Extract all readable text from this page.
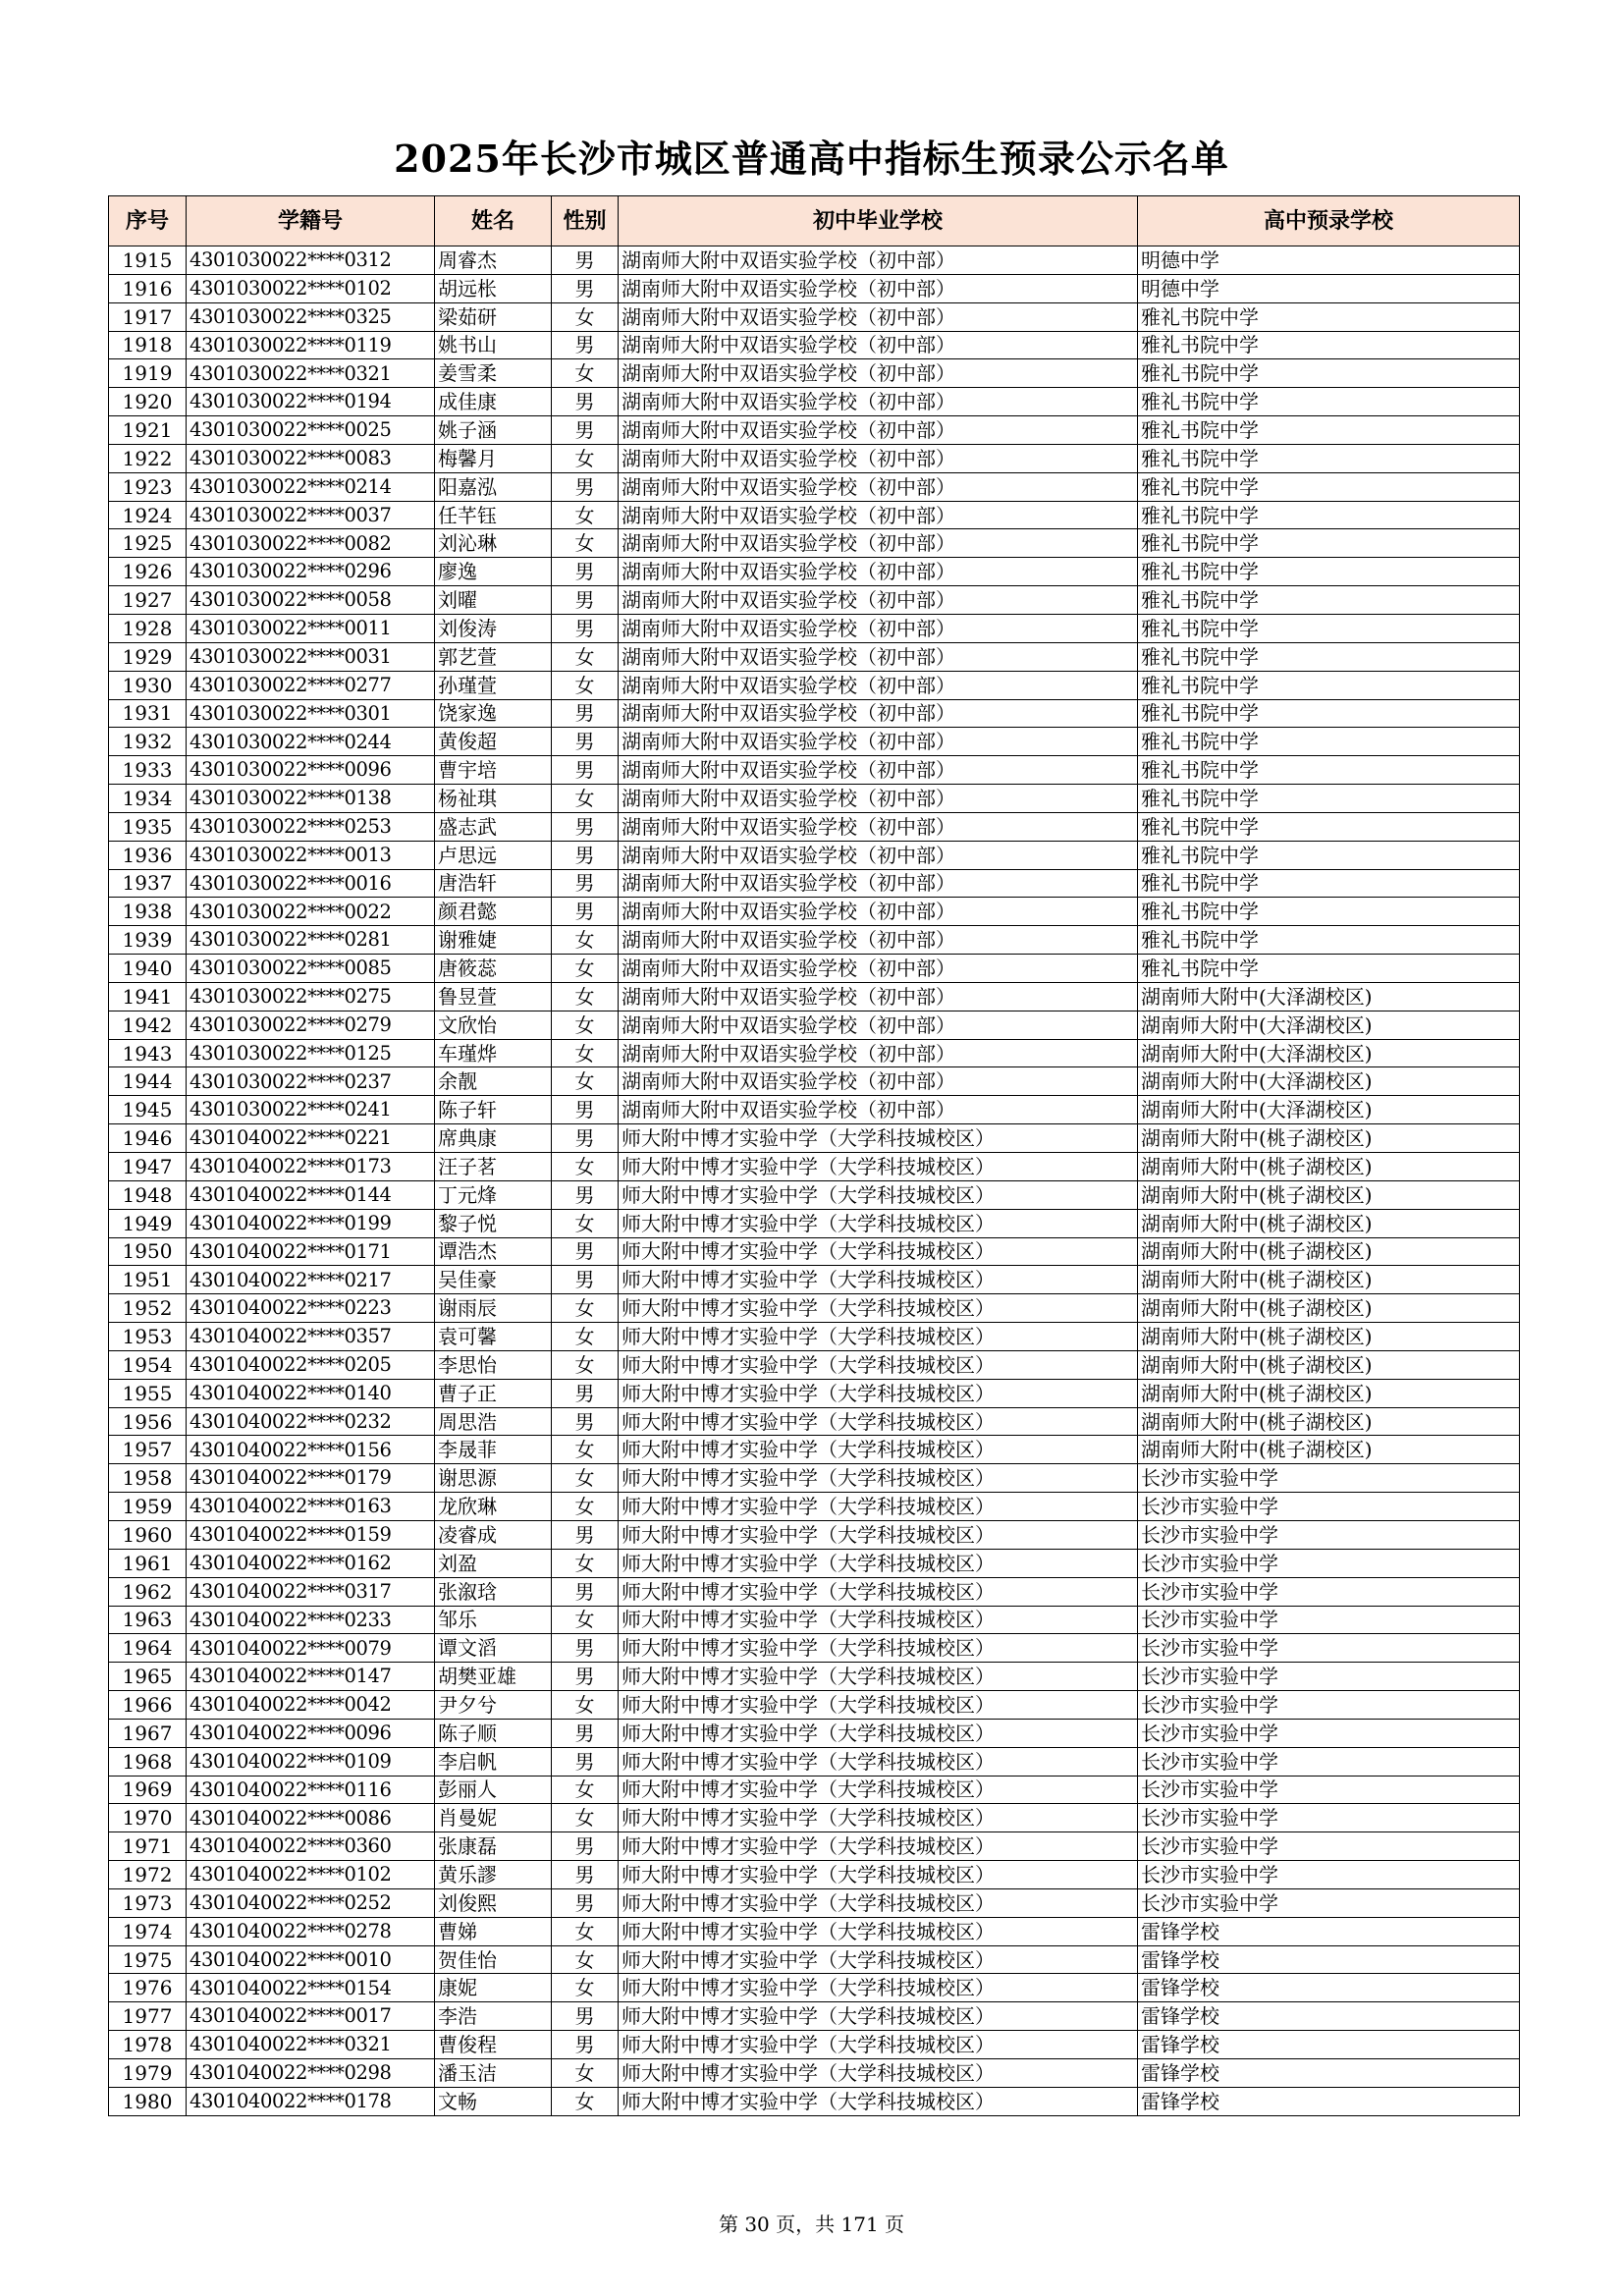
2025年长沙市城区普通高中指标生预录公示名单
序号	学籍号	姓名	性别	初中毕业学校	高中预录学校
1915	4301030022****0312	周睿杰	男	湖南师大附中双语实验学校（初中部）	明德中学
1916	4301030022****0102	胡远枨	男	湖南师大附中双语实验学校（初中部）	明德中学
1917	4301030022****0325	梁茹研	女	湖南师大附中双语实验学校（初中部）	雅礼书院中学
1918	4301030022****0119	姚书山	男	湖南师大附中双语实验学校（初中部）	雅礼书院中学
1919	4301030022****0321	姜雪柔	女	湖南师大附中双语实验学校（初中部）	雅礼书院中学
1920	4301030022****0194	成佳康	男	湖南师大附中双语实验学校（初中部）	雅礼书院中学
1921	4301030022****0025	姚子涵	男	湖南师大附中双语实验学校（初中部）	雅礼书院中学
1922	4301030022****0083	梅馨月	女	湖南师大附中双语实验学校（初中部）	雅礼书院中学
1923	4301030022****0214	阳嘉泓	男	湖南师大附中双语实验学校（初中部）	雅礼书院中学
1924	4301030022****0037	任芊钰	女	湖南师大附中双语实验学校（初中部）	雅礼书院中学
1925	4301030022****0082	刘沁琳	女	湖南师大附中双语实验学校（初中部）	雅礼书院中学
1926	4301030022****0296	廖逸	男	湖南师大附中双语实验学校（初中部）	雅礼书院中学
1927	4301030022****0058	刘曜	男	湖南师大附中双语实验学校（初中部）	雅礼书院中学
1928	4301030022****0011	刘俊涛	男	湖南师大附中双语实验学校（初中部）	雅礼书院中学
1929	4301030022****0031	郭艺萱	女	湖南师大附中双语实验学校（初中部）	雅礼书院中学
1930	4301030022****0277	孙瑾萱	女	湖南师大附中双语实验学校（初中部）	雅礼书院中学
1931	4301030022****0301	饶家逸	男	湖南师大附中双语实验学校（初中部）	雅礼书院中学
1932	4301030022****0244	黄俊超	男	湖南师大附中双语实验学校（初中部）	雅礼书院中学
1933	4301030022****0096	曹宇培	男	湖南师大附中双语实验学校（初中部）	雅礼书院中学
1934	4301030022****0138	杨祉琪	女	湖南师大附中双语实验学校（初中部）	雅礼书院中学
1935	4301030022****0253	盛志武	男	湖南师大附中双语实验学校（初中部）	雅礼书院中学
1936	4301030022****0013	卢思远	男	湖南师大附中双语实验学校（初中部）	雅礼书院中学
1937	4301030022****0016	唐浩轩	男	湖南师大附中双语实验学校（初中部）	雅礼书院中学
1938	4301030022****0022	颜君懿	男	湖南师大附中双语实验学校（初中部）	雅礼书院中学
1939	4301030022****0281	谢雅婕	女	湖南师大附中双语实验学校（初中部）	雅礼书院中学
1940	4301030022****0085	唐筱蕊	女	湖南师大附中双语实验学校（初中部）	雅礼书院中学
1941	4301030022****0275	鲁昱萱	女	湖南师大附中双语实验学校（初中部）	湖南师大附中(大泽湖校区)
1942	4301030022****0279	文欣怡	女	湖南师大附中双语实验学校（初中部）	湖南师大附中(大泽湖校区)
1943	4301030022****0125	车瑾烨	女	湖南师大附中双语实验学校（初中部）	湖南师大附中(大泽湖校区)
1944	4301030022****0237	余靓	女	湖南师大附中双语实验学校（初中部）	湖南师大附中(大泽湖校区)
1945	4301030022****0241	陈子轩	男	湖南师大附中双语实验学校（初中部）	湖南师大附中(大泽湖校区)
1946	4301040022****0221	席典康	男	师大附中博才实验中学（大学科技城校区）	湖南师大附中(桃子湖校区)
1947	4301040022****0173	汪子茗	女	师大附中博才实验中学（大学科技城校区）	湖南师大附中(桃子湖校区)
1948	4301040022****0144	丁元烽	男	师大附中博才实验中学（大学科技城校区）	湖南师大附中(桃子湖校区)
1949	4301040022****0199	黎子悦	女	师大附中博才实验中学（大学科技城校区）	湖南师大附中(桃子湖校区)
1950	4301040022****0171	谭浩杰	男	师大附中博才实验中学（大学科技城校区）	湖南师大附中(桃子湖校区)
1951	4301040022****0217	吴佳豪	男	师大附中博才实验中学（大学科技城校区）	湖南师大附中(桃子湖校区)
1952	4301040022****0223	谢雨辰	女	师大附中博才实验中学（大学科技城校区）	湖南师大附中(桃子湖校区)
1953	4301040022****0357	袁可馨	女	师大附中博才实验中学（大学科技城校区）	湖南师大附中(桃子湖校区)
1954	4301040022****0205	李思怡	女	师大附中博才实验中学（大学科技城校区）	湖南师大附中(桃子湖校区)
1955	4301040022****0140	曹子正	男	师大附中博才实验中学（大学科技城校区）	湖南师大附中(桃子湖校区)
1956	4301040022****0232	周思浩	男	师大附中博才实验中学（大学科技城校区）	湖南师大附中(桃子湖校区)
1957	4301040022****0156	李晟菲	女	师大附中博才实验中学（大学科技城校区）	湖南师大附中(桃子湖校区)
1958	4301040022****0179	谢思源	女	师大附中博才实验中学（大学科技城校区）	长沙市实验中学
1959	4301040022****0163	龙欣琳	女	师大附中博才实验中学（大学科技城校区）	长沙市实验中学
1960	4301040022****0159	凌睿成	男	师大附中博才实验中学（大学科技城校区）	长沙市实验中学
1961	4301040022****0162	刘盈	女	师大附中博才实验中学（大学科技城校区）	长沙市实验中学
1962	4301040022****0317	张溆琀	男	师大附中博才实验中学（大学科技城校区）	长沙市实验中学
1963	4301040022****0233	邹乐	女	师大附中博才实验中学（大学科技城校区）	长沙市实验中学
1964	4301040022****0079	谭文滔	男	师大附中博才实验中学（大学科技城校区）	长沙市实验中学
1965	4301040022****0147	胡樊亚雄	男	师大附中博才实验中学（大学科技城校区）	长沙市实验中学
1966	4301040022****0042	尹夕兮	女	师大附中博才实验中学（大学科技城校区）	长沙市实验中学
1967	4301040022****0096	陈子顺	男	师大附中博才实验中学（大学科技城校区）	长沙市实验中学
1968	4301040022****0109	李启帆	男	师大附中博才实验中学（大学科技城校区）	长沙市实验中学
1969	4301040022****0116	彭丽人	女	师大附中博才实验中学（大学科技城校区）	长沙市实验中学
1970	4301040022****0086	肖曼妮	女	师大附中博才实验中学（大学科技城校区）	长沙市实验中学
1971	4301040022****0360	张康磊	男	师大附中博才实验中学（大学科技城校区）	长沙市实验中学
1972	4301040022****0102	黄乐謬	男	师大附中博才实验中学（大学科技城校区）	长沙市实验中学
1973	4301040022****0252	刘俊熙	男	师大附中博才实验中学（大学科技城校区）	长沙市实验中学
1974	4301040022****0278	曹娣	女	师大附中博才实验中学（大学科技城校区）	雷锋学校
1975	4301040022****0010	贺佳怡	女	师大附中博才实验中学（大学科技城校区）	雷锋学校
1976	4301040022****0154	康妮	女	师大附中博才实验中学（大学科技城校区）	雷锋学校
1977	4301040022****0017	李浩	男	师大附中博才实验中学（大学科技城校区）	雷锋学校
1978	4301040022****0321	曹俊程	男	师大附中博才实验中学（大学科技城校区）	雷锋学校
1979	4301040022****0298	潘玉洁	女	师大附中博才实验中学（大学科技城校区）	雷锋学校
1980	4301040022****0178	文畅	女	师大附中博才实验中学（大学科技城校区）	雷锋学校
第 30 页，共 171 页
